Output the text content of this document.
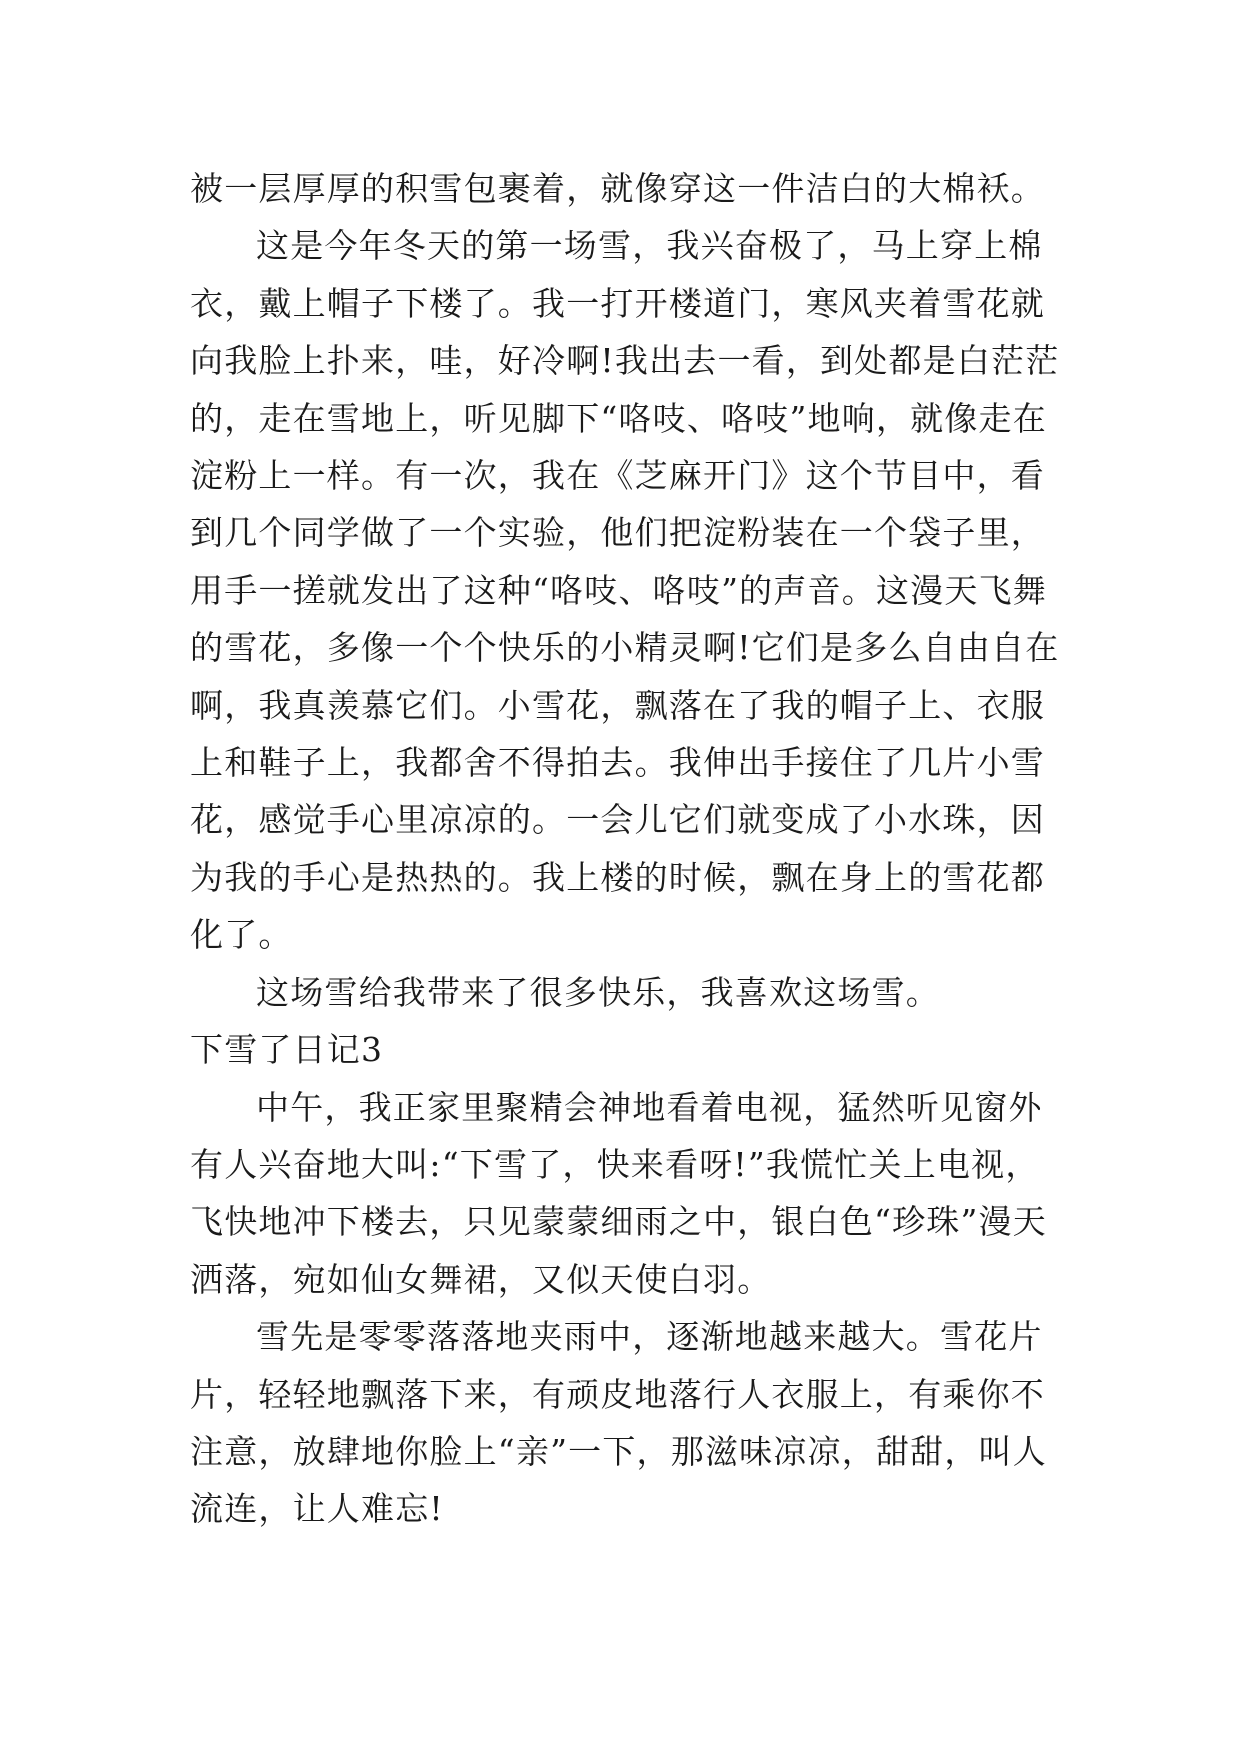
被一层厚厚的积雪包裹着，就像穿这一件洁白的大棉袄。

这是今年冬天的第一场雪，我兴奋极了，马上穿上棉衣，戴上帽子下楼了。我一打开楼道门，寒风夹着雪花就向我脸上扑来，哇，好冷啊!我出去一看，到处都是白茫茫的，走在雪地上，听见脚下“咯吱、咯吱”地响，就像走在淀粉上一样。有一次，我在《芝麻开门》这个节目中，看到几个同学做了一个实验，他们把淀粉装在一个袋子里，用手一搓就发出了这种“咯吱、咯吱”的声音。这漫天飞舞的雪花，多像一个个快乐的小精灵啊!它们是多么自由自在啊，我真羡慕它们。小雪花，飘落在了我的帽子上、衣服上和鞋子上，我都舍不得拍去。我伸出手接住了几片小雪花，感觉手心里凉凉的。一会儿它们就变成了小水珠，因为我的手心是热热的。我上楼的时候，飘在身上的雪花都化了。

这场雪给我带来了很多快乐，我喜欢这场雪。

下雪了日记3

中午，我正家里聚精会神地看着电视，猛然听见窗外有人兴奋地大叫:“下雪了，快来看呀!”我慌忙关上电视，飞快地冲下楼去，只见蒙蒙细雨之中，银白色“珍珠”漫天洒落，宛如仙女舞裙，又似天使白羽。

雪先是零零落落地夹雨中，逐渐地越来越大。雪花片片，轻轻地飘落下来，有顽皮地落行人衣服上，有乘你不注意，放肆地你脸上“亲”一下，那滋味凉凉，甜甜，叫人流连，让人难忘!
